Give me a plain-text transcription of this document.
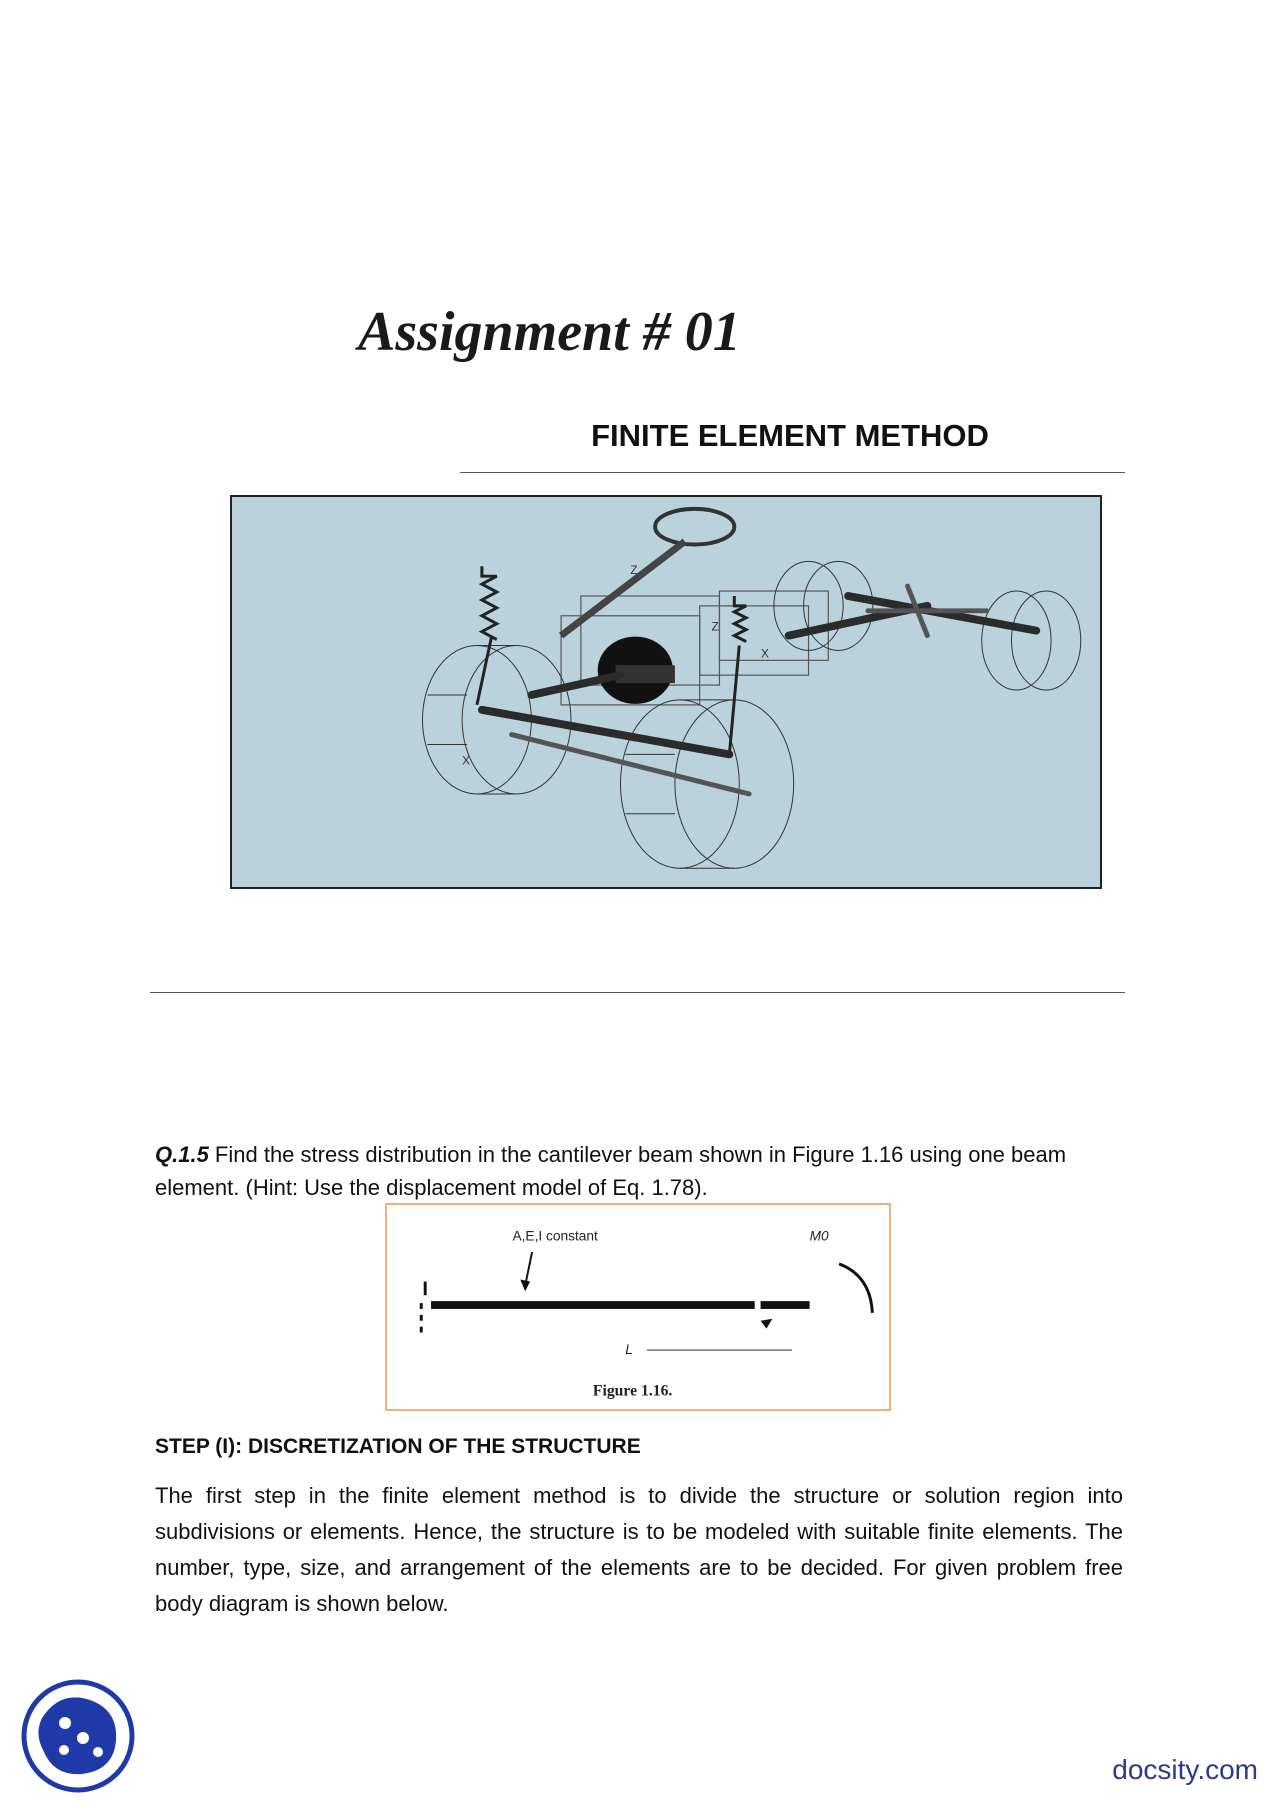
Assignment # 01
FINITE ELEMENT METHOD
Z
Z
X
X

Q.1.5 Find the stress distribution in the cantilever beam shown in Figure 1.16 using one beam element. (Hint: Use the displacement model of Eq. 1.78).

A,E,I constant	M0
L
Figure 1.16.
STEP (I): DISCRETIZATION OF THE STRUCTURE

The first step in the finite element method is to divide the structure or solution region into subdivisions or elements. Hence, the structure is to be modeled with suitable finite elements. The number, type, size, and arrangement of the elements are to be decided. For given problem free body diagram is shown below.

docsity.com
